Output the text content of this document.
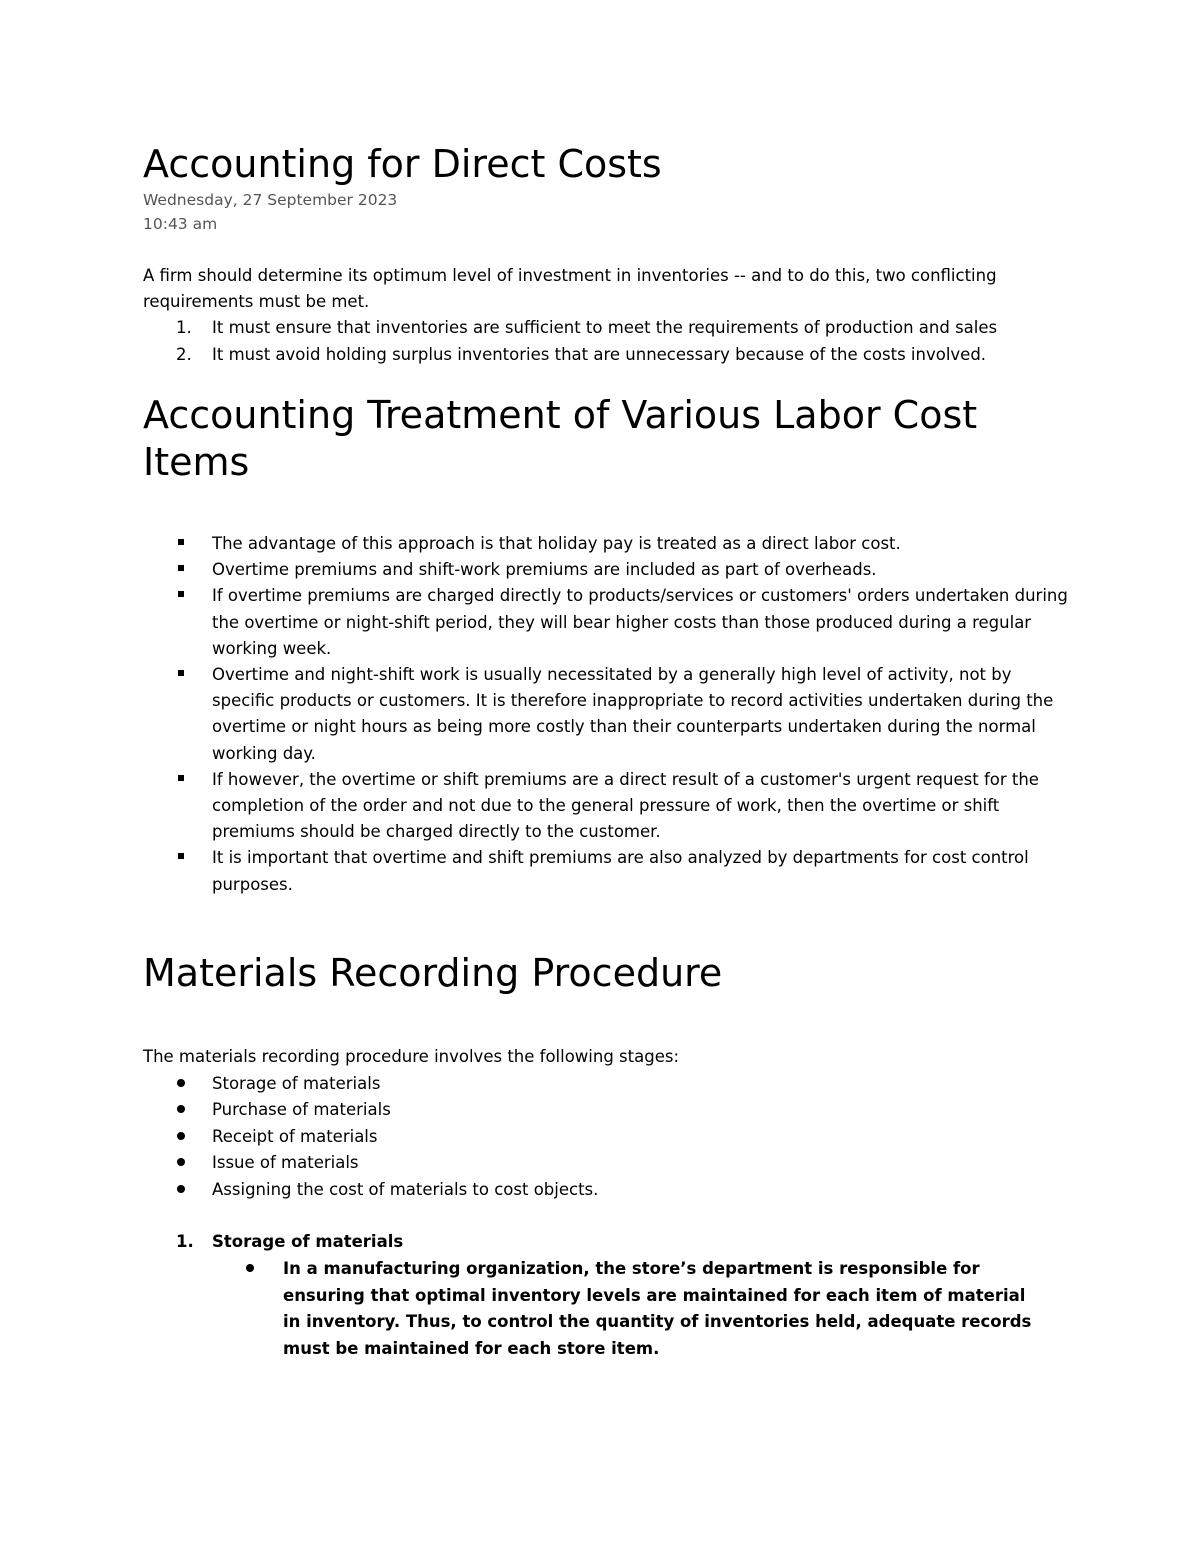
Accounting for Direct Costs
Wednesday, 27 September 2023
10:43 am
A firm should determine its optimum level of investment in inventories -- and to do this, two conflicting requirements must be met.
1. It must ensure that inventories are sufficient to meet the requirements of production and sales
2. It must avoid holding surplus inventories that are unnecessary because of the costs involved.
Accounting Treatment of Various Labor Cost Items
The advantage of this approach is that holiday pay is treated as a direct labor cost.
Overtime premiums and shift-work premiums are included as part of overheads.
If overtime premiums are charged directly to products/services or customers' orders undertaken during the overtime or night-shift period, they will bear higher costs than those produced during a regular working week.
Overtime and night-shift work is usually necessitated by a generally high level of activity, not by specific products or customers. It is therefore inappropriate to record activities undertaken during the overtime or night hours as being more costly than their counterparts undertaken during the normal working day.
If however, the overtime or shift premiums are a direct result of a customer's urgent request for the completion of the order and not due to the general pressure of work, then the overtime or shift premiums should be charged directly to the customer.
It is important that overtime and shift premiums are also analyzed by departments for cost control purposes.
Materials Recording Procedure
The materials recording procedure involves the following stages:
Storage of materials
Purchase of materials
Receipt of materials
Issue of materials
Assigning the cost of materials to cost objects.
1. Storage of materials
In a manufacturing organization, the store’s department is responsible for ensuring that optimal inventory levels are maintained for each item of material in inventory. Thus, to control the quantity of inventories held, adequate records must be maintained for each store item.
